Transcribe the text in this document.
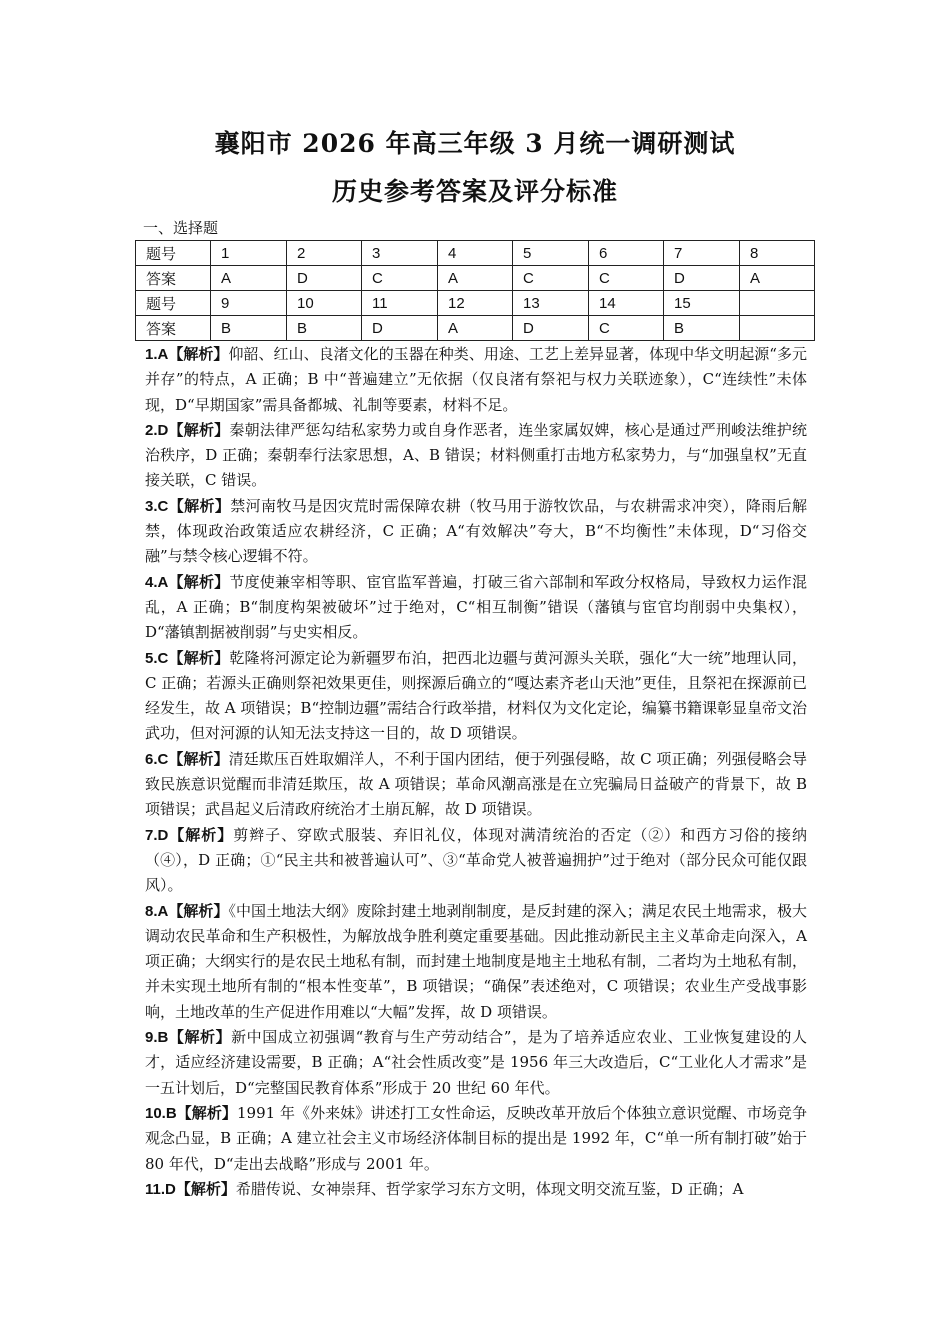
襄阳市 2026 年高三年级 3 月统一调研测试
历史参考答案及评分标准
一、选择题
题号	1	2	3	4	5	6	7	8
答案	A	D	C	A	C	C	D	A
题号	9	10	11	12	13	14	15	
答案	B	B	D	A	D	C	B	

1.A【解析】仰韶、红山、良渚文化的玉器在种类、用途、工艺上差异显著，体现中华文明起源“多元并存”的特点，A 正确；B 中“普遍建立”无依据（仅良渚有祭祀与权力关联迹象），C“连续性”未体现，D“早期国家”需具备都城、礼制等要素，材料不足。

2.D【解析】秦朝法律严惩勾结私家势力或自身作恶者，连坐家属奴婢，核心是通过严刑峻法维护统治秩序，D 正确；秦朝奉行法家思想，A、B 错误；材料侧重打击地方私家势力，与“加强皇权”无直接关联，C 错误。

3.C【解析】禁河南牧马是因灾荒时需保障农耕（牧马用于游牧饮品，与农耕需求冲突），降雨后解禁，体现政治政策适应农耕经济，C 正确；A“有效解决”夸大，B“不均衡性”未体现，D“习俗交融”与禁令核心逻辑不符。

4.A【解析】节度使兼宰相等职、宦官监军普遍，打破三省六部制和军政分权格局，导致权力运作混乱，A 正确；B“制度构架被破坏”过于绝对，C“相互制衡”错误（藩镇与宦官均削弱中央集权），D“藩镇割据被削弱”与史实相反。

5.C【解析】乾隆将河源定论为新疆罗布泊，把西北边疆与黄河源头关联，强化“大一统”地理认同，C 正确；若源头正确则祭祀效果更佳，则探源后确立的“嘎达素齐老山天池”更佳，且祭祀在探源前已经发生，故 A 项错误；B“控制边疆”需结合行政举措，材料仅为文化定论，编纂书籍课彰显皇帝文治武功，但对河源的认知无法支持这一目的，故 D 项错误。

6.C【解析】清廷欺压百姓取媚洋人，不利于国内团结，便于列强侵略，故 C 项正确；列强侵略会导致民族意识觉醒而非清廷欺压，故 A 项错误；革命风潮高涨是在立宪骗局日益破产的背景下，故 B 项错误；武昌起义后清政府统治才土崩瓦解，故 D 项错误。

7.D【解析】剪辫子、穿欧式服装、弃旧礼仪，体现对满清统治的否定（②）和西方习俗的接纳（④），D 正确；①“民主共和被普遍认可”、③“革命党人被普遍拥护”过于绝对（部分民众可能仅跟风）。

8.A【解析】《中国土地法大纲》废除封建土地剥削制度，是反封建的深入；满足农民土地需求，极大调动农民革命和生产积极性，为解放战争胜利奠定重要基础。因此推动新民主主义革命走向深入，A 项正确；大纲实行的是农民土地私有制，而封建土地制度是地主土地私有制，二者均为土地私有制，并未实现土地所有制的“根本性变革”，B 项错误；“确保”表述绝对，C 项错误；农业生产受战事影响，土地改革的生产促进作用难以“大幅”发挥，故 D 项错误。

9.B【解析】新中国成立初强调“教育与生产劳动结合”，是为了培养适应农业、工业恢复建设的人才，适应经济建设需要，B 正确；A“社会性质改变”是 1956 年三大改造后，C“工业化人才需求”是一五计划后，D“完整国民教育体系”形成于 20 世纪 60 年代。

10.B【解析】1991 年《外来妹》讲述打工女性命运，反映改革开放后个体独立意识觉醒、市场竞争观念凸显，B 正确；A 建立社会主义市场经济体制目标的提出是 1992 年，C“单一所有制打破”始于 80 年代，D“走出去战略”形成与 2001 年。

11.D【解析】希腊传说、女神崇拜、哲学家学习东方文明，体现文明交流互鉴，D 正确；A
